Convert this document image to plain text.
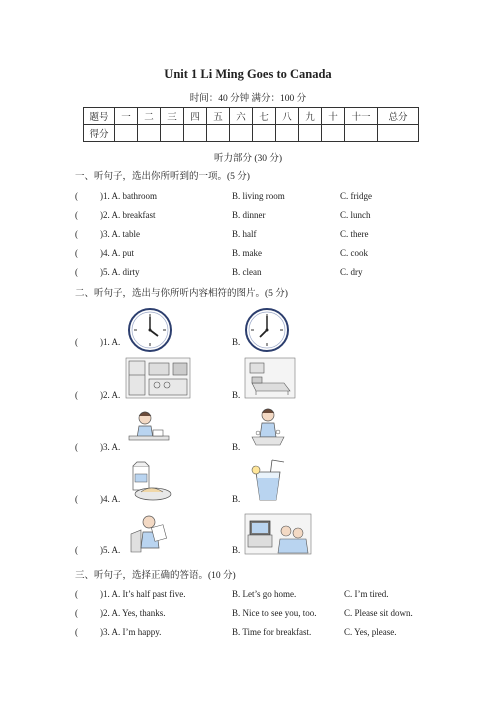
Unit 1 Li Ming Goes to Canada
时间：40 分钟 满分：100 分
题号	一	二	三	四	五	六	七	八	九	十	十一	总分
得分												
听力部分 (30 分)
一、听句子，选出你所听到的一项。(5 分)
( )1. A. bathroom	B. living room	C. fridge
( )2. A. breakfast	B. dinner	C. lunch
( )3. A. table	B. half	C. there
( )4. A. put	B. make	C. cook
( )5. A. dirty	B. clean	C. dry
二、听句子，选出与你所听内容相符的图片。(5 分)
( )1. A.	B.
( )2. A.	B.
( )3. A.	B.
( )4. A.	B.
( )5. A.	B.
三、听句子，选择正确的答语。(10 分)
( )1. A. It’s half past five.	B. Let’s go home.	C. I’m tired.
( )2. A. Yes, thanks.	B. Nice to see you, too.	C. Please sit down.
( )3. A. I’m happy.	B. Time for breakfast.	C. Yes, please.
